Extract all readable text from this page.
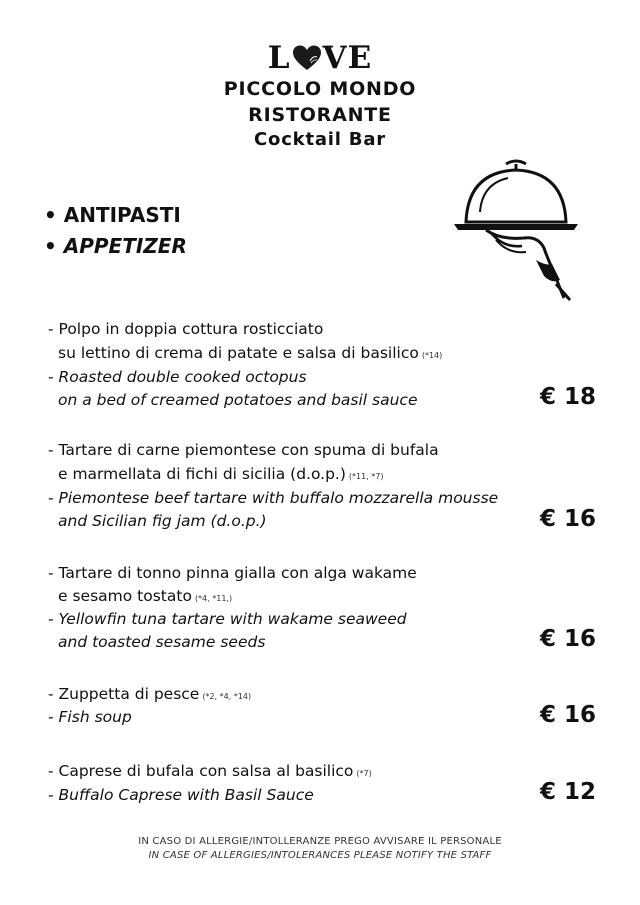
L VE
PICCOLO MONDO
RISTORANTE
Cocktail Bar
• ANTIPASTI
• APPETIZER
- Polpo in doppia cottura rosticciato
su lettino di crema di patate e salsa di basilico (*14)
- Roasted double cooked octopus
on a bed of creamed potatoes and basil sauce	€ 18
- Tartare di carne piemontese con spuma di bufala
e marmellata di fichi di sicilia (d.o.p.) (*11, *7)
- Piemontese beef tartare with buffalo mozzarella mousse
and Sicilian fig jam (d.o.p.)	€ 16
- Tartare di tonno pinna gialla con alga wakame
e sesamo tostato (*4, *11,)
- Yellowfin tuna tartare with wakame seaweed
and toasted sesame seeds	€ 16
- Zuppetta di pesce (*2, *4, *14)
- Fish soup	€ 16
- Caprese di bufala con salsa al basilico (*7)
- Buffalo Caprese with Basil Sauce	€ 12
IN CASO DI ALLERGIE/INTOLLERANZE PREGO AVVISARE IL PERSONALE
IN CASE OF ALLERGIES/INTOLERANCES PLEASE NOTIFY THE STAFF
